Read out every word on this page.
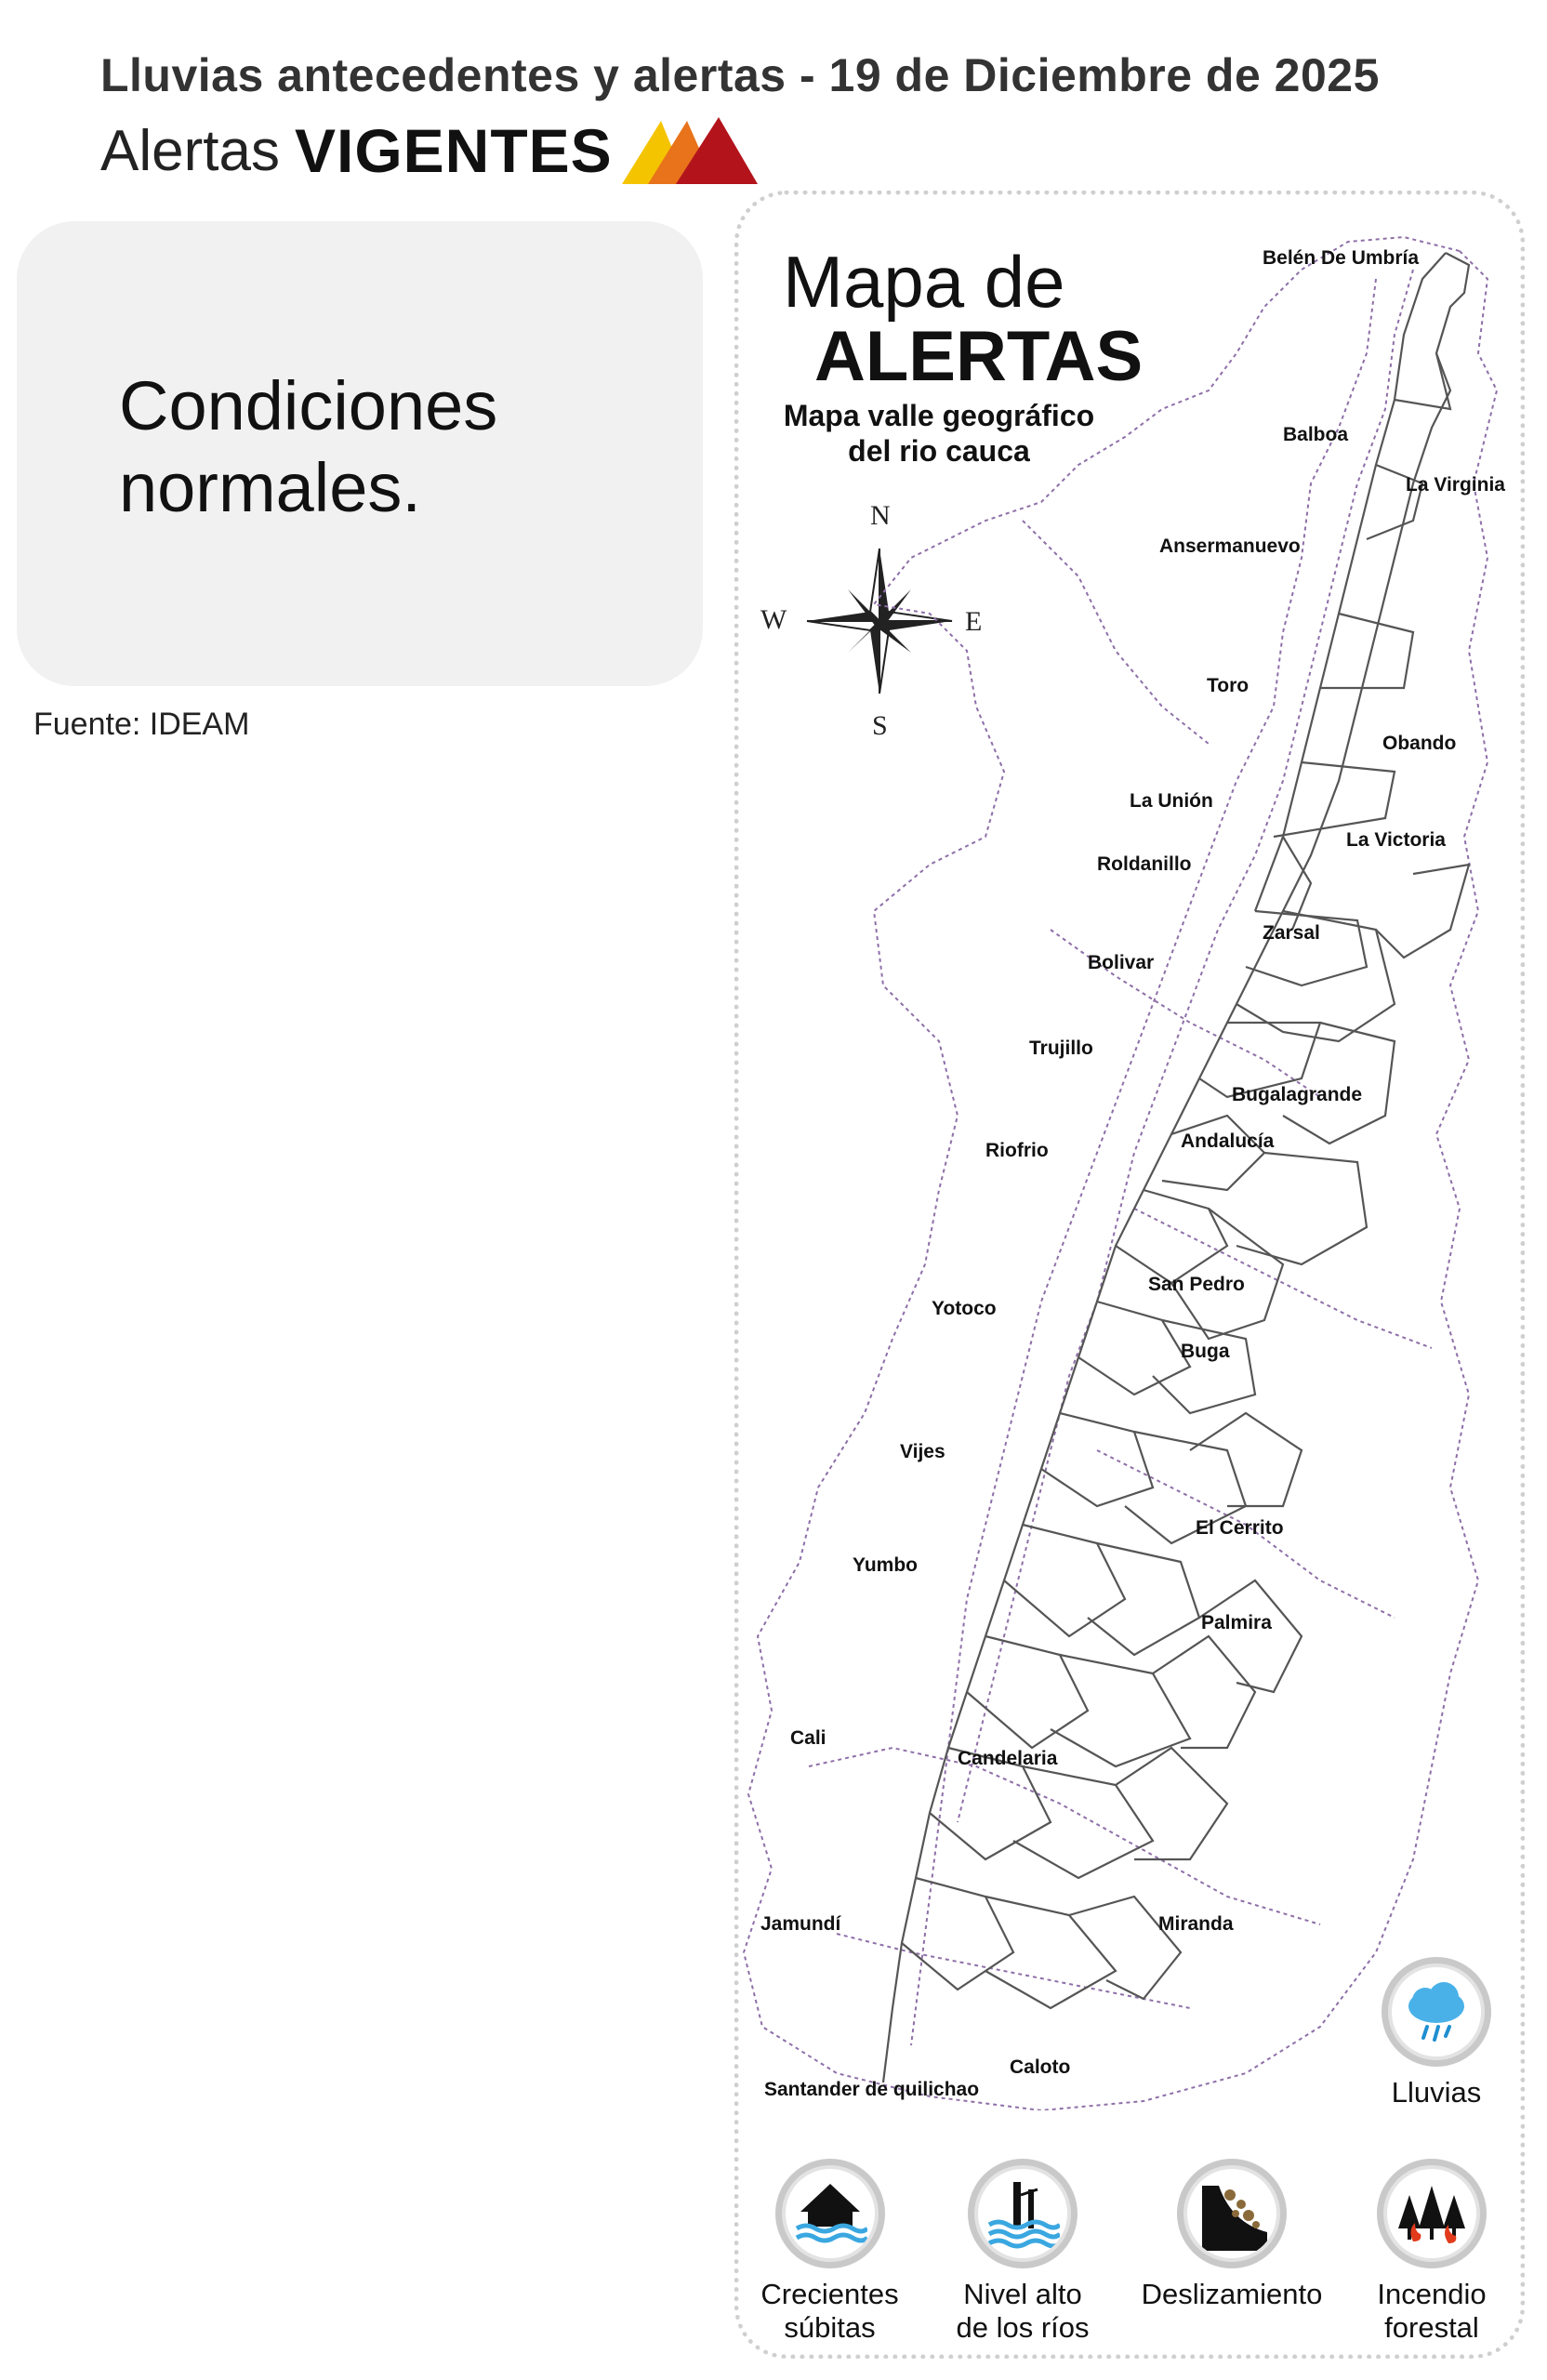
Lluvias antecedentes y alertas - 19 de Diciembre de 2025
Alertas VIGENTES
Condiciones normales.
Fuente: IDEAM
Mapa de
ALERTAS
Mapa valle geográfico del rio cauca
N
S
E
W
Belén De Umbría
Balboa
La Virginia
Ansermanuevo
Toro
Obando
La Unión
La Victoria
Roldanillo
Zarsal
Bolivar
Trujillo
Bugalagrande
Andalucía
Riofrio
San Pedro
Yotoco
Buga
Vijes
El Cerrito
Yumbo
Palmira
Cali
Candelaria
Jamundí	Miranda
Caloto
Santander de quilichao	Lluvias
Crecientes súbitas
Nivel alto de los ríos
Deslizamiento	Incendio forestal
